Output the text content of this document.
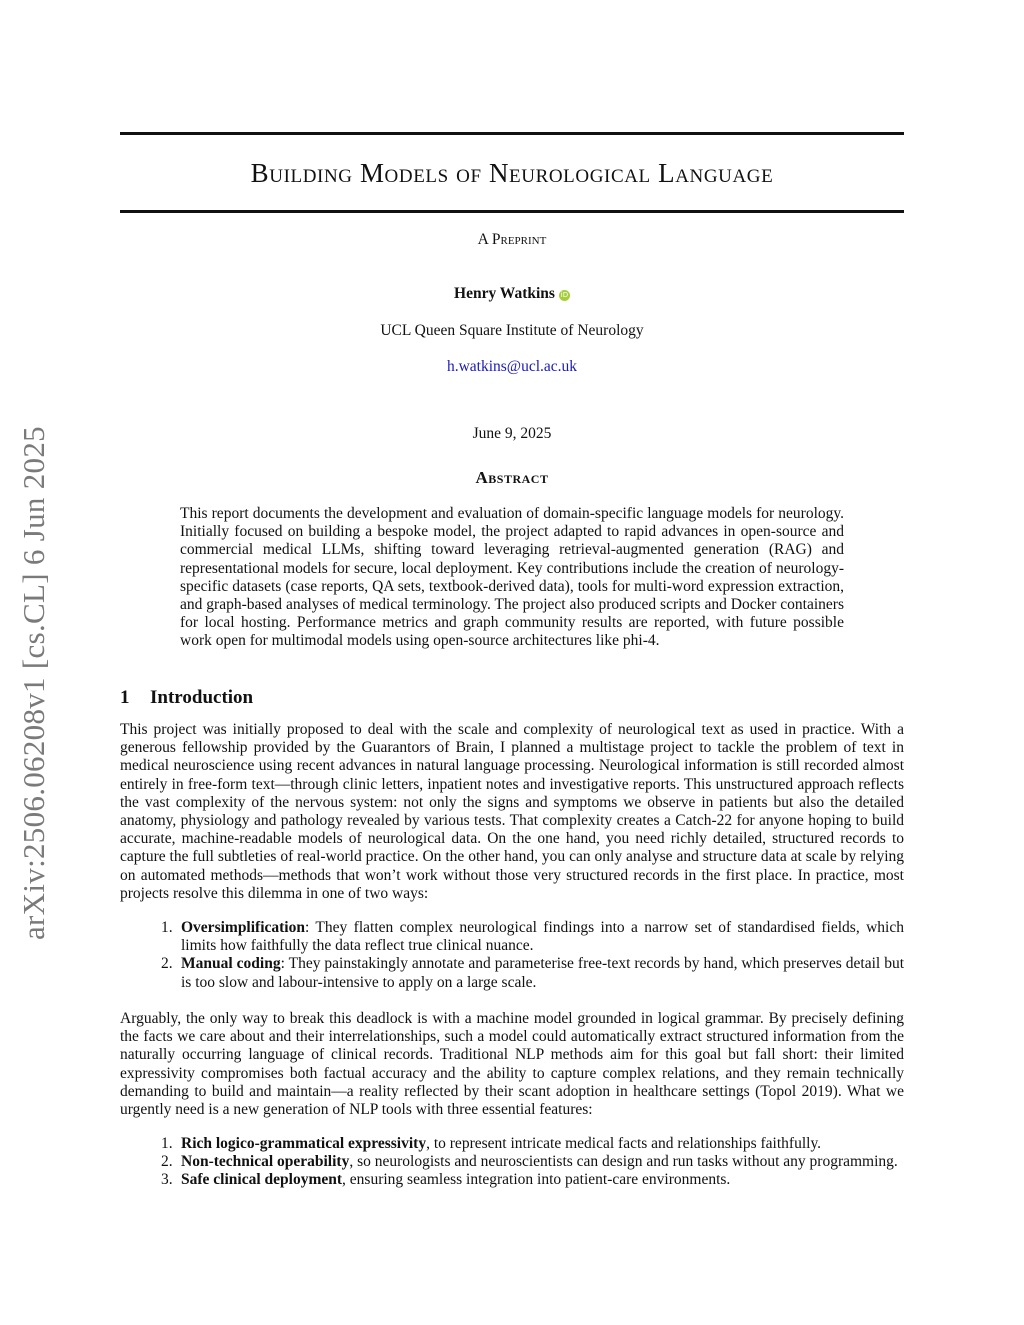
arXiv:2506.06208v1 [cs.CL] 6 Jun 2025
Building Models of Neurological Language
A Preprint
Henry Watkins iD
UCL Queen Square Institute of Neurology
h.watkins@ucl.ac.uk
June 9, 2025
Abstract
This report documents the development and evaluation of domain-specific language models for neurology. Initially focused on building a bespoke model, the project adapted to rapid advances in open-source and commercial medical LLMs, shifting toward leveraging retrieval-augmented generation (RAG) and representational models for secure, local deployment. Key contributions include the creation of neurology-specific datasets (case reports, QA sets, textbook-derived data), tools for multi-word expression extraction, and graph-based analyses of medical terminology. The project also produced scripts and Docker containers for local hosting. Performance metrics and graph community results are reported, with future possible work open for multimodal models using open-source architectures like phi-4.
1 Introduction

This project was initially proposed to deal with the scale and complexity of neurological text as used in practice. With a generous fellowship provided by the Guarantors of Brain, I planned a multistage project to tackle the problem of text in medical neuroscience using recent advances in natural language processing. Neurological information is still recorded almost entirely in free-form text—through clinic letters, inpatient notes and investigative reports. This unstructured approach reflects the vast complexity of the nervous system: not only the signs and symptoms we observe in patients but also the detailed anatomy, physiology and pathology revealed by various tests. That complexity creates a Catch-22 for anyone hoping to build accurate, machine-readable models of neurological data. On the one hand, you need richly detailed, structured records to capture the full subtleties of real-world practice. On the other hand, you can only analyse and structure data at scale by relying on automated methods—methods that won’t work without those very structured records in the first place. In practice, most projects resolve this dilemma in one of two ways:

1. Oversimplification: They flatten complex neurological findings into a narrow set of standardised fields, which limits how faithfully the data reflect true clinical nuance.
2. Manual coding: They painstakingly annotate and parameterise free-text records by hand, which preserves detail but is too slow and labour-intensive to apply on a large scale.

Arguably, the only way to break this deadlock is with a machine model grounded in logical grammar. By precisely defining the facts we care about and their interrelationships, such a model could automatically extract structured information from the naturally occurring language of clinical records. Traditional NLP methods aim for this goal but fall short: their limited expressivity compromises both factual accuracy and the ability to capture complex relations, and they remain technically demanding to build and maintain—a reality reflected by their scant adoption in healthcare settings (Topol 2019). What we urgently need is a new generation of NLP tools with three essential features:

1. Rich logico-grammatical expressivity, to represent intricate medical facts and relationships faithfully.
2. Non-technical operability, so neurologists and neuroscientists can design and run tasks without any programming.
3. Safe clinical deployment, ensuring seamless integration into patient-care environments.
